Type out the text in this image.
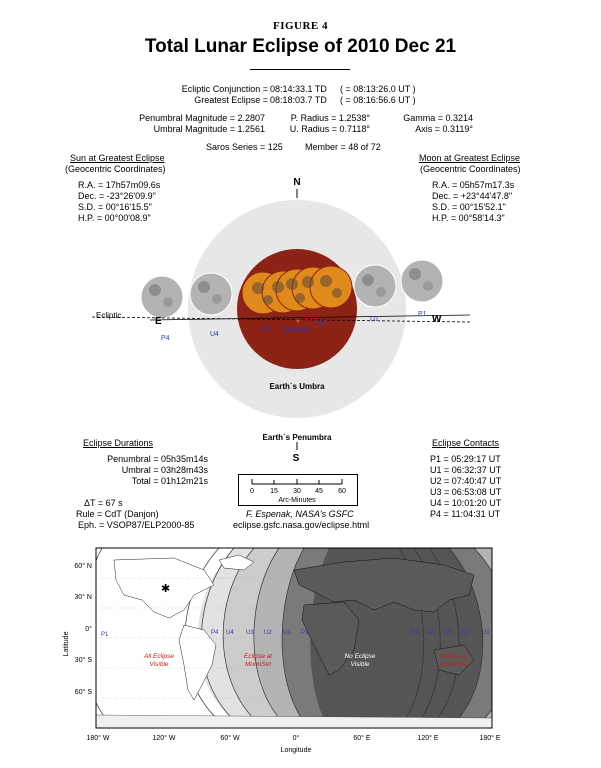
FIGURE 4
Total Lunar Eclipse of 2010 Dec 21
Ecliptic Conjunction = 08:14:33.1 TD ( = 08:13:26.0 UT )
Greatest Eclipse = 08:18:03.7 TD ( = 08:16:56.6 UT )
Penumbral Magnitude = 2.2807
Umbral Magnitude = 1.2561
P. Radius = 1.2538°
U. Radius = 0.7118°
Gamma = 0.3214
Axis = 0.3119°
Saros Series = 125 Member = 48 of 72
Sun at Greatest Eclipse
(Geocentric Coordinates)
R.A. = 17h57m09.6s
Dec. = -23°26'09.9"
S.D. = 00°16'15.5"
H.P. = 00°00'08.9"
Moon at Greatest Eclipse
(Geocentric Coordinates)
R.A. = 05h57m17.3s
Dec. = +23°44'47.8"
S.D. = 00°15'52.1"
H.P. = 00°58'14.3"
+
N
S
Ecliptic
E	W
P4
U4
U3
U2
U1
P1
Greatest
Earth`s Umbra
Earth`s Penumbra
Eclipse Durations
Penumbral = 05h35m14s
Umbral = 03h28m43s
Total = 01h12m21s
ΔT = 67 s
Rule = CdT (Danjon)
Eph. = VSOP87/ELP2000-85
0 15 30 45 60
Arc-Minutes
F. Espenak, NASA's GSFC
eclipse.gsfc.nasa.gov/eclipse.html
Eclipse Contacts
P1 = 05:29:17 UT
U1 = 06:32:37 UT
U2 = 07:40:47 UT
U3 = 06:53:08 UT
U4 = 10:01:20 UT
P4 = 11:04:31 UT
✱
60° N
30° N
0°
30° S
60° S
Latitude
180° W	120° W	60° W	0°	60° E	120° E	180° E
Longitude
P1	P4 U4 U3 U2 U1 P1	P4 U4 U3 U2 U1
All Eclipse Visible
Eclipse at MoonSet
No Eclipse Visible
Eclipse at MoonRise
